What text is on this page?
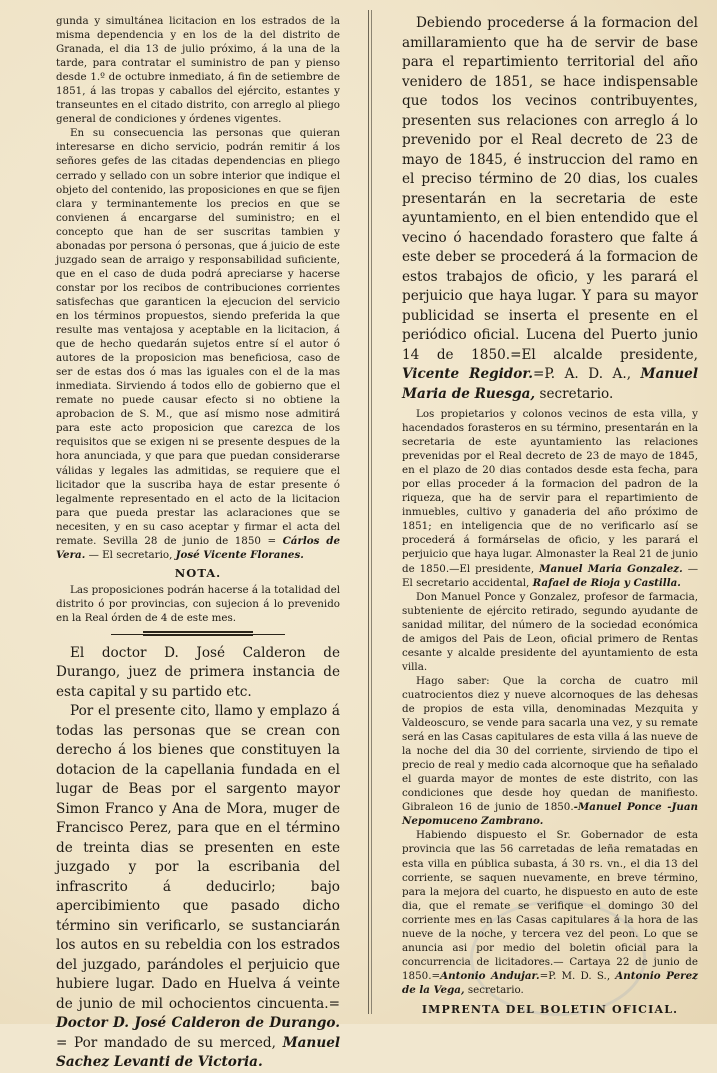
gunda y simultánea licitacion en los estrados de la misma dependencia y en los de la del distrito de Granada, el dia 13 de julio próximo, á la una de la tarde, para contratar el suministro de pan y pienso desde 1.º de octubre inmediato, á fin de setiembre de 1851, á las tropas y caballos del ejército, estantes y transeuntes en el citado distrito, con arreglo al pliego general de condiciones y órdenes vigentes.

En su consecuencia las personas que quieran interesarse en dicho servicio, podrán remitir á los señores gefes de las citadas dependencias en pliego cerrado y sellado con un sobre interior que indique el objeto del contenido, las proposiciones en que se fijen clara y terminantemente los precios en que se convienen á encargarse del suministro; en el concepto que han de ser suscritas tambien y abonadas por persona ó personas, que á juicio de este juzgado sean de arraigo y responsabilidad suficiente, que en el caso de duda podrá apreciarse y hacerse constar por los recibos de contribuciones corrientes satisfechas que garanticen la ejecucion del servicio en los términos propuestos, siendo preferida la que resulte mas ventajosa y aceptable en la licitacion, á que de hecho quedarán sujetos entre sí el autor ó autores de la proposicion mas beneficiosa, caso de ser de estas dos ó mas las iguales con el de la mas inmediata. Sirviendo á todos ello de gobierno que el remate no puede causar efecto si no obtiene la aprobacion de S. M., que así mismo nose admitirá para este acto proposicion que carezca de los requisitos que se exigen ni se presente despues de la hora anunciada, y que para que puedan considerarse válidas y legales las admitidas, se requiere que el licitador que la suscriba haya de estar presente ó legalmente representado en el acto de la licitacion para que pueda prestar las aclaraciones que se necesiten, y en su caso aceptar y firmar el acta del remate. Sevilla 28 de junio de 1850 = Cárlos de Vera. — El secretario, José Vicente Floranes.

NOTA.

Las proposiciones podrán hacerse á la totalidad del distrito ó por provincias, con sujecion á lo prevenido en la Real órden de 4 de este mes.

El doctor D. José Calderon de Durango, juez de primera instancia de esta capital y su partido etc.

Por el presente cito, llamo y emplazo á todas las personas que se crean con derecho á los bienes que constituyen la dotacion de la capellania fundada en el lugar de Beas por el sargento mayor Simon Franco y Ana de Mora, muger de Francisco Perez, para que en el término de treinta dias se presenten en este juzgado y por la escribania del infrascrito á deducirlo; bajo apercibimiento que pasado dicho término sin verificarlo, se sustanciarán los autos en su rebeldia con los estrados del juzgado, parándoles el perjuicio que hubiere lugar. Dado en Huelva á veinte de junio de mil ochocientos cincuenta.= Doctor D. José Calderon de Durango. = Por mandado de su merced, Manuel Sachez Levanti de Victoria.

Debiendo procederse á la formacion del amillaramiento que ha de servir de base para el repartimiento territorial del año venidero de 1851, se hace indispensable que todos los vecinos contribuyentes, presenten sus relaciones con arreglo á lo prevenido por el Real decreto de 23 de mayo de 1845, é instruccion del ramo en el preciso término de 20 dias, los cuales presentarán en la secretaria de este ayuntamiento, en el bien entendido que el vecino ó hacendado forastero que falte á este deber se procederá á la formacion de estos trabajos de oficio, y les parará el perjuicio que haya lugar. Y para su mayor publicidad se inserta el presente en el periódico oficial. Lucena del Puerto junio 14 de 1850.=El alcalde presidente, Vicente Regidor.=P. A. D. A., Manuel Maria de Ruesga, secretario.

Los propietarios y colonos vecinos de esta villa, y hacendados forasteros en su término, presentarán en la secretaria de este ayuntamiento las relaciones prevenidas por el Real decreto de 23 de mayo de 1845, en el plazo de 20 dias contados desde esta fecha, para por ellas proceder á la formacion del padron de la riqueza, que ha de servir para el repartimiento de inmuebles, cultivo y ganaderia del año próximo de 1851; en inteligencia que de no verificarlo así se procederá á formárselas de oficio, y les parará el perjuicio que haya lugar. Almonaster la Real 21 de junio de 1850.—El presidente, Manuel Maria Gonzalez. —El secretario accidental, Rafael de Rioja y Castilla.

Don Manuel Ponce y Gonzalez, profesor de farmacia, subteniente de ejército retirado, segundo ayudante de sanidad militar, del número de la sociedad económica de amigos del Pais de Leon, oficial primero de Rentas cesante y alcalde presidente del ayuntamiento de esta villa.

Hago saber: Que la corcha de cuatro mil cuatrocientos diez y nueve alcornoques de las dehesas de propios de esta villa, denominadas Mezquita y Valdeoscuro, se vende para sacarla una vez, y su remate será en las Casas capitulares de esta villa á las nueve de la noche del dia 30 del corriente, sirviendo de tipo el precio de real y medio cada alcornoque que ha señalado el guarda mayor de montes de este distrito, con las condiciones que desde hoy quedan de manifiesto. Gibraleon 16 de junio de 1850.-Manuel Ponce -Juan Nepomuceno Zambrano.

Habiendo dispuesto el Sr. Gobernador de esta provincia que las 56 carretadas de leña rematadas en esta villa en pública subasta, á 30 rs. vn., el dia 13 del corriente, se saquen nuevamente, en breve término, para la mejora del cuarto, he dispuesto en auto de este dia, que el remate se verifique el domingo 30 del corriente mes en las Casas capitulares á la hora de las nueve de la noche, y tercera vez del peon. Lo que se anuncia asi por medio del boletin oficial para la concurrencia de licitadores.— Cartaya 22 de junio de 1850.=Antonio Andujar.=P. M. D. S., Antonio Perez de la Vega, secretario.

IMPRENTA DEL BOLETIN OFICIAL.
